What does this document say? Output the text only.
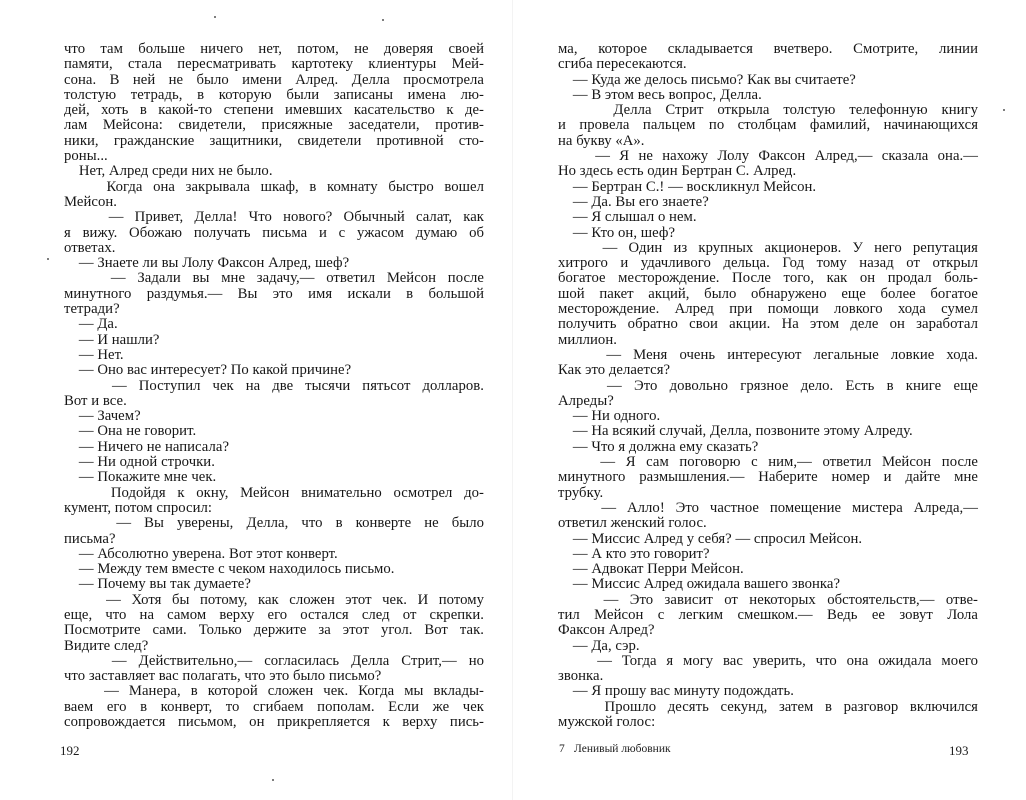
что там больше ничего нет, потом, не доверяя своей
памяти, стала пересматривать картотеку клиентуры Мей-
сона. В ней не было имени Алред. Делла просмотрела
толстую тетрадь, в которую были записаны имена лю-
дей, хоть в какой-то степени имевших касательство к де-
лам Мейсона: свидетели, присяжные заседатели, против-
ники, гражданские защитники, свидетели противной сто-
роны...
Нет, Алред среди них не было.
Когда она закрывала шкаф, в комнату быстро вошел
Мейсон.
— Привет, Делла! Что нового? Обычный салат, как
я вижу. Обожаю получать письма и с ужасом думаю об
ответах.
— Знаете ли вы Лолу Факсон Алред, шеф?
— Задали вы мне задачу,— ответил Мейсон после
минутного раздумья.— Вы это имя искали в большой
тетради?
— Да.
— И нашли?
— Нет.
— Оно вас интересует? По какой причине?
— Поступил чек на две тысячи пятьсот долларов.
Вот и все.
— Зачем?
— Она не говорит.
— Ничего не написала?
— Ни одной строчки.
— Покажите мне чек.
Подойдя к окну, Мейсон внимательно осмотрел до-
кумент, потом спросил:
— Вы уверены, Делла, что в конверте не было
письма?
— Абсолютно уверена. Вот этот конверт.
— Между тем вместе с чеком находилось письмо.
— Почему вы так думаете?
— Хотя бы потому, как сложен этот чек. И потому
еще, что на самом верху его остался след от скрепки.
Посмотрите сами. Только держите за этот угол. Вот так.
Видите след?
— Действительно,— согласилась Делла Стрит,— но
что заставляет вас полагать, что это было письмо?
— Манера, в которой сложен чек. Когда мы вклады-
ваем его в конверт, то сгибаем пополам. Если же чек
сопровождается письмом, он прикрепляется к верху пись-
ма, которое складывается вчетверо. Смотрите, линии
сгиба пересекаются.
— Куда же делось письмо? Как вы считаете?
— В этом весь вопрос, Делла.
Делла Стрит открыла толстую телефонную книгу
и провела пальцем по столбцам фамилий, начинающихся
на букву «А».
— Я не нахожу Лолу Факсон Алред,— сказала она.—
Но здесь есть один Бертран С. Алред.
— Бертран С.! — воскликнул Мейсон.
— Да. Вы его знаете?
— Я слышал о нем.
— Кто он, шеф?
— Один из крупных акционеров. У него репутация
хитрого и удачливого дельца. Год тому назад от открыл
богатое месторождение. После того, как он продал боль-
шой пакет акций, было обнаружено еще более богатое
месторождение. Алред при помощи ловкого хода сумел
получить обратно свои акции. На этом деле он заработал
миллион.
— Меня очень интересуют легальные ловкие хода.
Как это делается?
— Это довольно грязное дело. Есть в книге еще
Алреды?
— Ни одного.
— На всякий случай, Делла, позвоните этому Алреду.
— Что я должна ему сказать?
— Я сам поговорю с ним,— ответил Мейсон после
минутного размышления.— Наберите номер и дайте мне
трубку.
— Алло! Это частное помещение мистера Алреда,—
ответил женский голос.
— Миссис Алред у себя? — спросил Мейсон.
— А кто это говорит?
— Адвокат Перри Мейсон.
— Миссис Алред ожидала вашего звонка?
— Это зависит от некоторых обстоятельств,— отве-
тил Мейсон с легким смешком.— Ведь ее зовут Лола
Факсон Алред?
— Да, сэр.
— Тогда я могу вас уверить, что она ожидала моего
звонка.
— Я прошу вас минуту подождать.
Прошло десять секунд, затем в разговор включился
мужской голос:
192	7 Ленивый любовник	193
